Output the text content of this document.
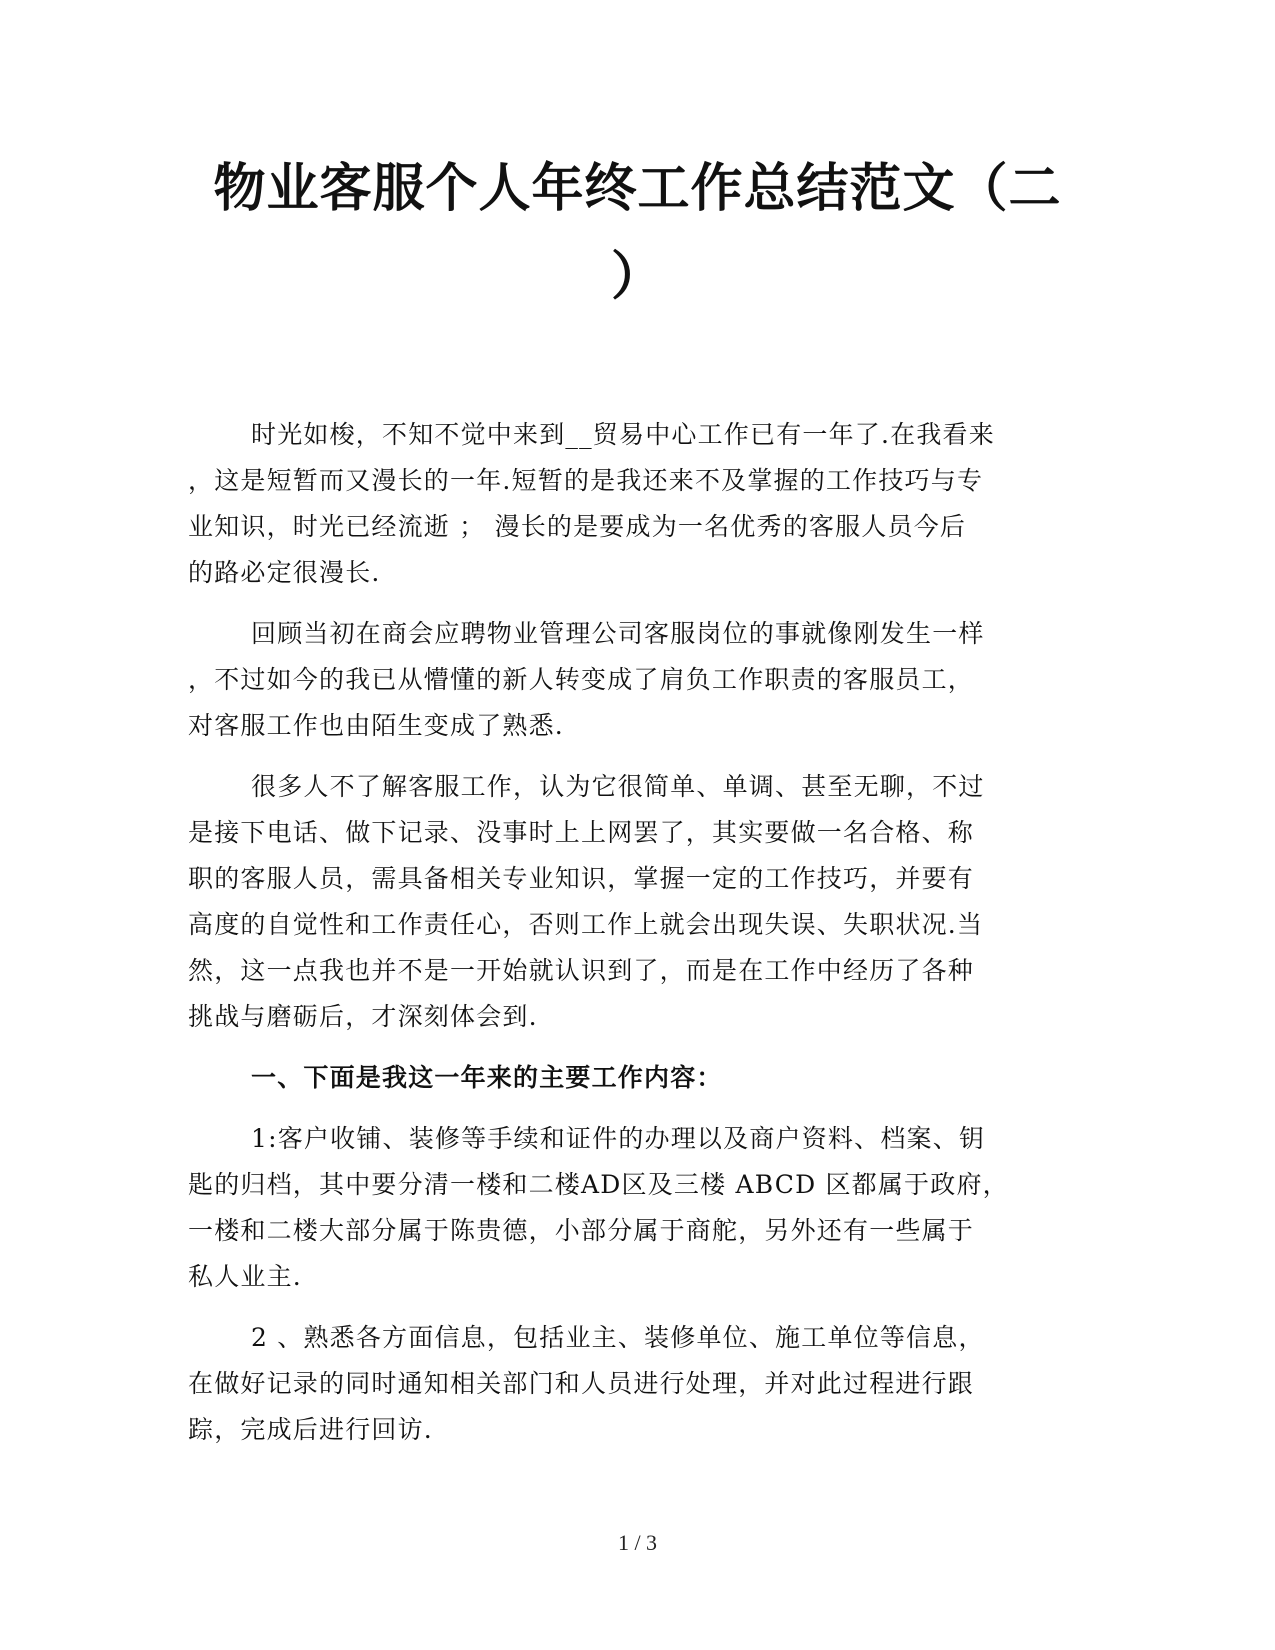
物业客服个人年终工作总结范文（二
）

时光如梭，不知不觉中来到__贸易中心工作已有一年了.在我看来
，这是短暂而又漫长的一年.短暂的是我还来不及掌握的工作技巧与专
业知识，时光已经流逝 ； 漫长的是要成为一名优秀的客服人员今后
的路必定很漫长.

回顾当初在商会应聘物业管理公司客服岗位的事就像刚发生一样
，不过如今的我已从懵懂的新人转变成了肩负工作职责的客服员工，
对客服工作也由陌生变成了熟悉.

很多人不了解客服工作，认为它很简单、单调、甚至无聊，不过
是接下电话、做下记录、没事时上上网罢了，其实要做一名合格、称
职的客服人员，需具备相关专业知识，掌握一定的工作技巧，并要有
高度的自觉性和工作责任心，否则工作上就会出现失误、失职状况.当
然，这一点我也并不是一开始就认识到了，而是在工作中经历了各种
挑战与磨砺后，才深刻体会到.

一、下面是我这一年来的主要工作内容：

1:客户收铺、装修等手续和证件的办理以及商户资料、档案、钥
匙的归档，其中要分清一楼和二楼AD区及三楼 ABCD 区都属于政府，
一楼和二楼大部分属于陈贵德，小部分属于商舵，另外还有一些属于
私人业主.

2 、熟悉各方面信息，包括业主、装修单位、施工单位等信息，
在做好记录的同时通知相关部门和人员进行处理，并对此过程进行跟
踪，完成后进行回访.

1 / 3
